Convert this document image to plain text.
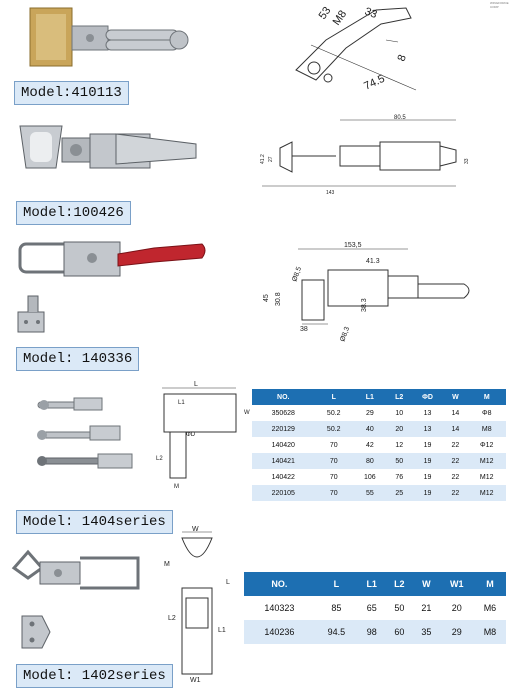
WINGFORCE CORP
Model:410113
53
M8 33
8
74.5
Model:100426
80.5
41.2 27	33
143
Model: 140336
153,5
41.3
Ø8,5
45 30.8	38.3
38	Ø8,3
Model: 1404series
L
W
L1
ΦD
L2
M
NO.	L	L1	L2	ΦD	W	M
350628	50.2	29	10	13	14	Φ8
220129	50.2	40	20	13	14	M8
140420	70	42	12	19	22	Φ12
140421	70	80	50	19	22	M12
140422	70	106	76	19	22	M12
220105	70	55	25	19	22	M12
Model: 1402series
W
M
L
L1
L2
W1
NO.	L	L1	L2	W	W1	M
140323	85	65	50	21	20	M6
140236	94.5	98	60	35	29	M8
